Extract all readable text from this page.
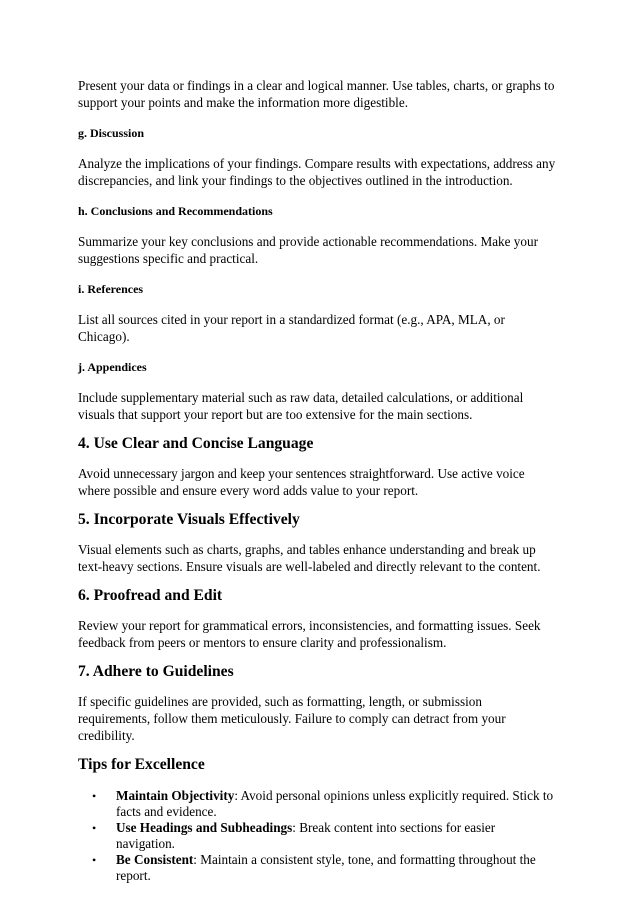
Present your data or findings in a clear and logical manner. Use tables, charts, or graphs to support your points and make the information more digestible.

g. Discussion

Analyze the implications of your findings. Compare results with expectations, address any discrepancies, and link your findings to the objectives outlined in the introduction.

h. Conclusions and Recommendations

Summarize your key conclusions and provide actionable recommendations. Make your suggestions specific and practical.

i. References

List all sources cited in your report in a standardized format (e.g., APA, MLA, or Chicago).

j. Appendices

Include supplementary material such as raw data, detailed calculations, or additional visuals that support your report but are too extensive for the main sections.

4. Use Clear and Concise Language

Avoid unnecessary jargon and keep your sentences straightforward. Use active voice where possible and ensure every word adds value to your report.

5. Incorporate Visuals Effectively

Visual elements such as charts, graphs, and tables enhance understanding and break up text-heavy sections. Ensure visuals are well-labeled and directly relevant to the content.

6. Proofread and Edit

Review your report for grammatical errors, inconsistencies, and formatting issues. Seek feedback from peers or mentors to ensure clarity and professionalism.

7. Adhere to Guidelines

If specific guidelines are provided, such as formatting, length, or submission requirements, follow them meticulously. Failure to comply can detract from your credibility.

Tips for Excellence
• Maintain Objectivity: Avoid personal opinions unless explicitly required. Stick to facts and evidence.
• Use Headings and Subheadings: Break content into sections for easier navigation.
• Be Consistent: Maintain a consistent style, tone, and formatting throughout the report.
